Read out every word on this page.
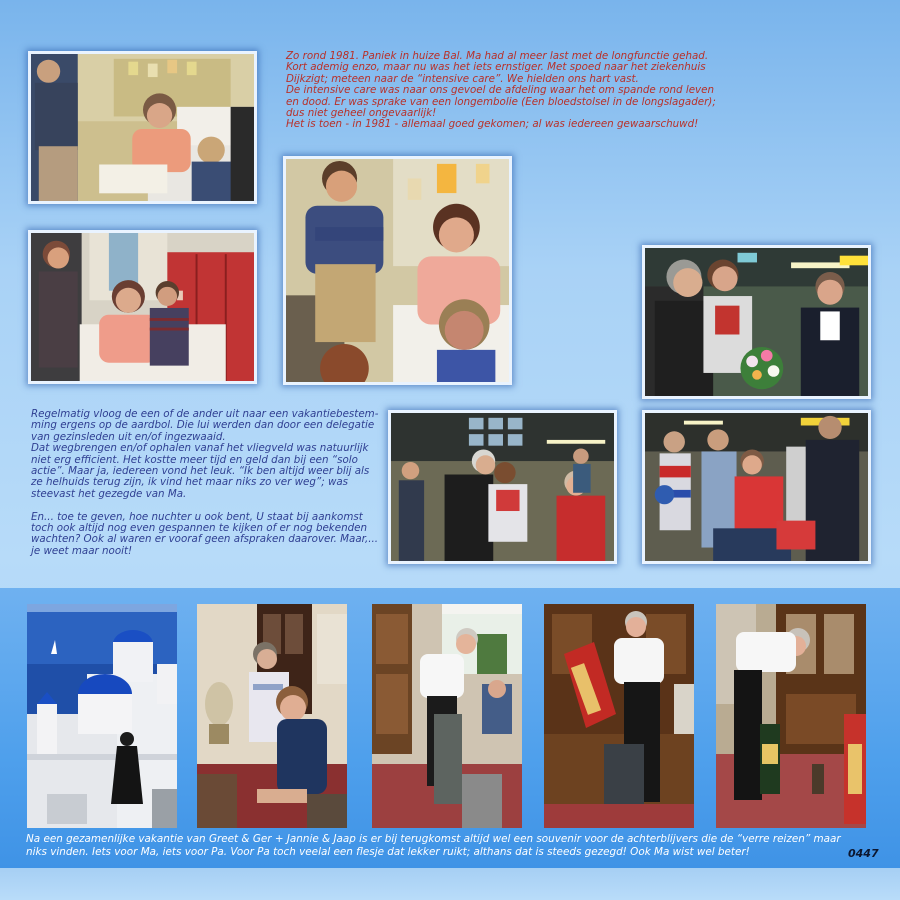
Zo rond 1981. Paniek in huize Bal. Ma had al meer last met de longfunctie gehad.
Kort ademig enzo, maar nu was het iets ernstiger. Met spoed naar het ziekenhuis
Dijkzigt; meteen naar de “intensive care”. We hielden ons hart vast.
De intensive care was naar ons gevoel de afdeling waar het om spande rond leven
en dood. Er was sprake van een longembolie (Een bloedstolsel in de longslagader);
dus niet geheel ongevaarlijk!
Het is toen - in 1981 - allemaal goed gekomen; al was iedereen gewaarschuwd!
Regelmatig vloog de een of de ander uit naar een vakantiebestem-
ming ergens op de aardbol. Die lui werden dan door een delegatie
van gezinsleden uit en/of ingezwaaid.
Dat wegbrengen en/of ophalen vanaf het vliegveld was natuurlijk
niet erg efficient. Het kostte meer tijd en geld dan bij een “solo
actie”. Maar ja, iedereen vond het leuk. “Ik ben altijd weer blij als
ze helhuids terug zijn, ik vind het maar niks zo ver weg”; was
steevast het gezegde van Ma.

En... toe te geven, hoe nuchter u ook bent, U staat bij aankomst
toch ook altijd nog even gespannen te kijken of er nog bekenden
wachten? Ook al waren er vooraf geen afspraken daarover. Maar,...
je weet maar nooit!
Na een gezamenlijke vakantie van Greet & Ger + Jannie & Jaap is er bij terugkomst altijd wel een souvenir voor de achterblijvers die de “verre reizen” maar
niks vinden. Iets voor Ma, iets voor Pa. Voor Pa toch veelal een flesje dat lekker ruikt; althans dat is steeds gezegd! Ook Ma wist wel beter!	0447
